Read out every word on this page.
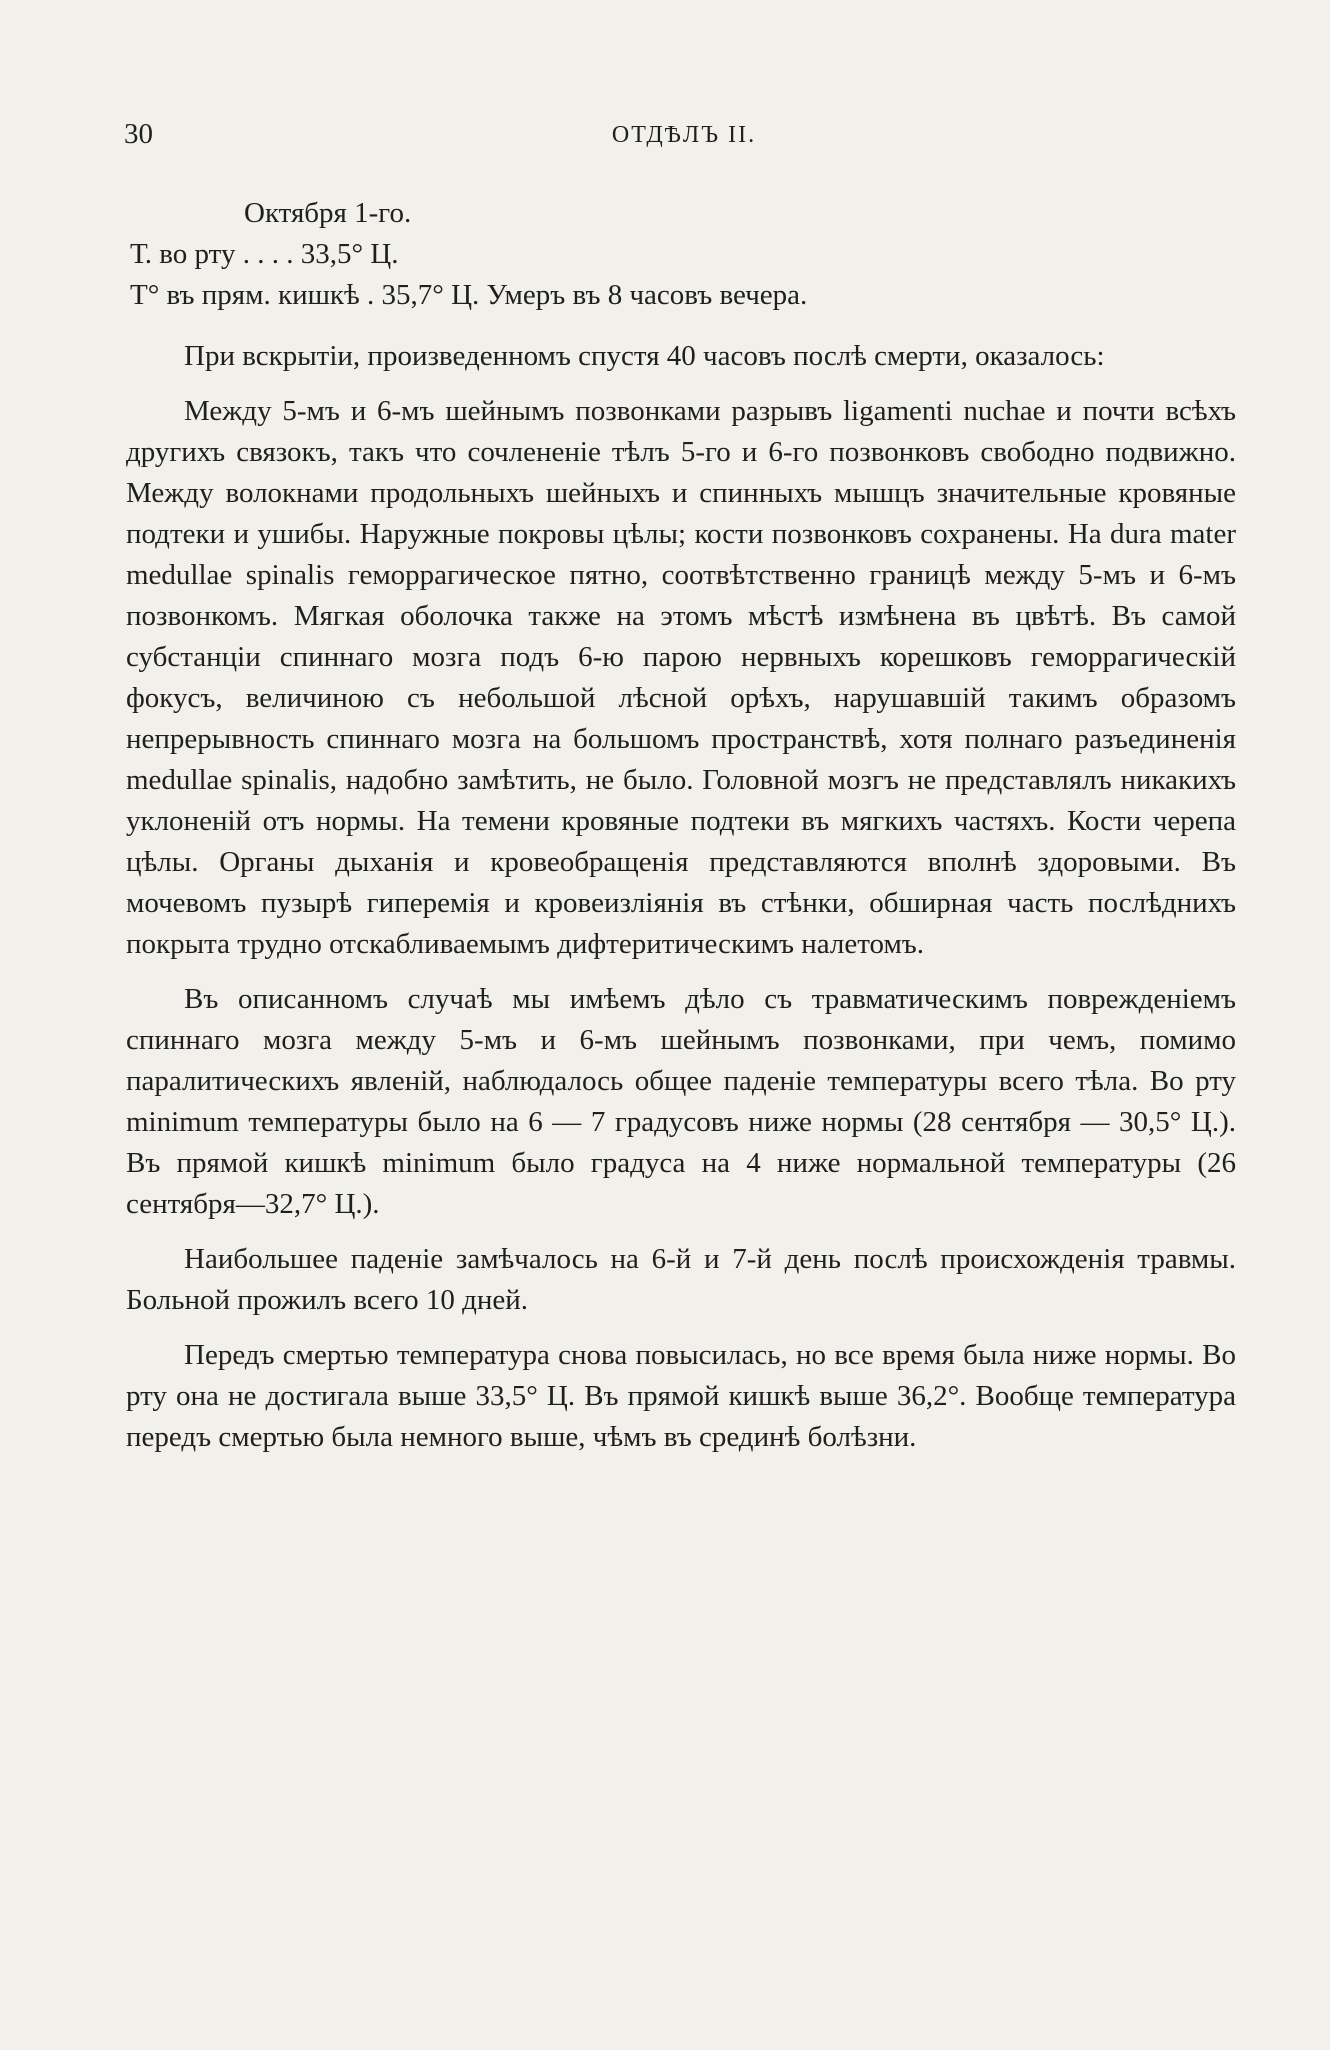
30	ОТДѢЛЪ II.

Октября 1-го.

Т. во рту . . . . 33,5° Ц.

Т° въ прям. кишкѣ . 35,7° Ц. Умеръ въ 8 часовъ вечера.

При вскрытіи, произведенномъ спустя 40 часовъ послѣ смерти, оказалось:

Между 5-мъ и 6-мъ шейнымъ позвонками разрывъ ligamenti nuchae и почти всѣхъ другихъ связокъ, такъ что сочлененіе тѣлъ 5-го и 6-го позвонковъ свободно подвижно. Между волокнами продольныхъ шейныхъ и спинныхъ мышцъ значительные кровяные подтеки и ушибы. Наружные покровы цѣлы; кости позвонковъ сохранены. На dura mater medullae spinalis геморрагическое пятно, соотвѣтственно границѣ между 5-мъ и 6-мъ позвонкомъ. Мягкая оболочка также на этомъ мѣстѣ измѣнена въ цвѣтѣ. Въ самой субстанціи спиннаго мозга подъ 6-ю парою нервныхъ корешковъ геморрагическій фокусъ, величиною съ небольшой лѣсной орѣхъ, нарушавшій такимъ образомъ непрерывность спиннаго мозга на большомъ пространствѣ, хотя полнаго разъединенія medullae spinalis, надобно замѣтить, не было. Головной мозгъ не представлялъ никакихъ уклоненій отъ нормы. На темени кровяные подтеки въ мягкихъ частяхъ. Кости черепа цѣлы. Органы дыханія и кровеобращенія представляются вполнѣ здоровыми. Въ мочевомъ пузырѣ гиперемія и кровеизліянія въ стѣнки, обширная часть послѣднихъ покрыта трудно отскабливаемымъ дифтеритическимъ налетомъ.

Въ описанномъ случаѣ мы имѣемъ дѣло съ травматическимъ поврежденіемъ спиннаго мозга между 5-мъ и 6-мъ шейнымъ позвонками, при чемъ, помимо паралитическихъ явленій, наблюдалось общее паденіе температуры всего тѣла. Во рту minimum температуры было на 6 — 7 градусовъ ниже нормы (28 сентября — 30,5° Ц.). Въ прямой кишкѣ minimum было градуса на 4 ниже нормальной температуры (26 сентября—32,7° Ц.).

Наибольшее паденіе замѣчалось на 6-й и 7-й день послѣ происхожденія травмы. Больной прожилъ всего 10 дней.

Передъ смертью температура снова повысилась, но все время была ниже нормы. Во рту она не достигала выше 33,5° Ц. Въ прямой кишкѣ выше 36,2°. Вообще температура передъ смертью была немного выше, чѣмъ въ срединѣ болѣзни.
